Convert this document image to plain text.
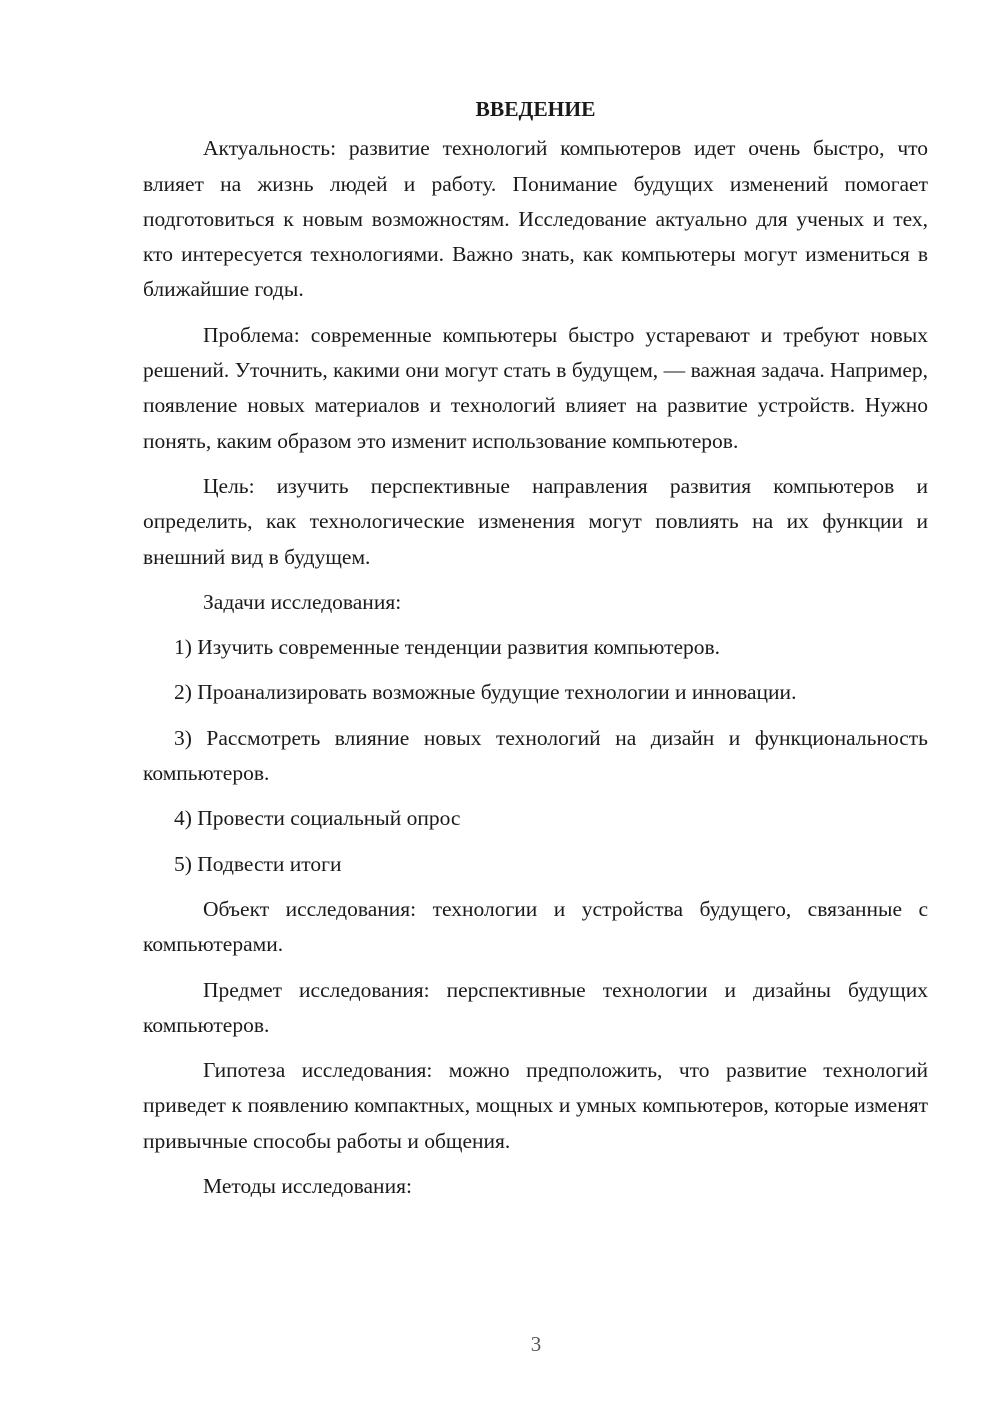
ВВЕДЕНИЕ

Актуальность: развитие технологий компьютеров идет очень быстро, что влияет на жизнь людей и работу. Понимание будущих изменений помогает подготовиться к новым возможностям. Исследование актуально для ученых и тех, кто интересуется технологиями. Важно знать, как компьютеры могут измениться в ближайшие годы.

Проблема: современные компьютеры быстро устаревают и требуют новых решений. Уточнить, какими они могут стать в будущем, — важная задача. Например, появление новых материалов и технологий влияет на развитие устройств. Нужно понять, каким образом это изменит использование компьютеров.

Цель: изучить перспективные направления развития компьютеров и определить, как технологические изменения могут повлиять на их функции и внешний вид в будущем.

Задачи исследования:

1) Изучить современные тенденции развития компьютеров.

2) Проанализировать возможные будущие технологии и инновации.

3) Рассмотреть влияние новых технологий на дизайн и функциональность компьютеров.

4) Провести социальный опрос

5) Подвести итоги

Объект исследования: технологии и устройства будущего, связанные с компьютерами.

Предмет исследования: перспективные технологии и дизайны будущих компьютеров.

Гипотеза исследования: можно предположить, что развитие технологий приведет к появлению компактных, мощных и умных компьютеров, которые изменят привычные способы работы и общения.

Методы исследования:

3
